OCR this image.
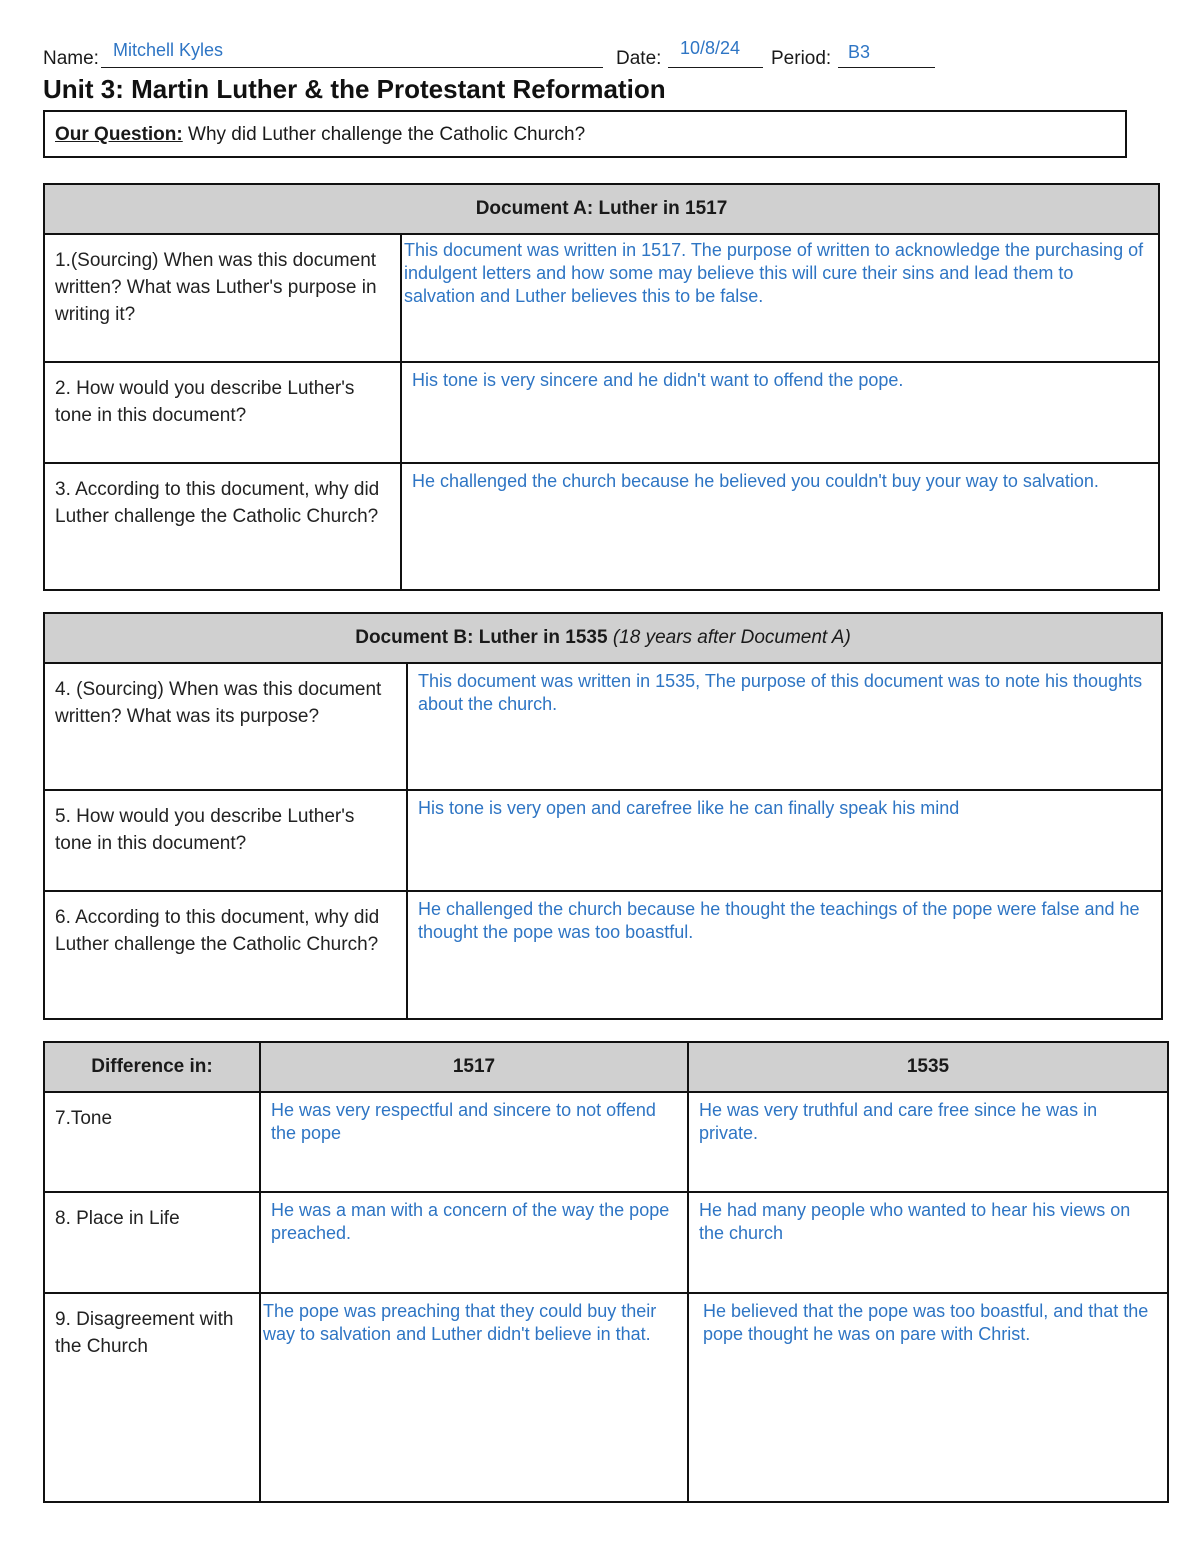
Name: Mitchell Kyles	Date: 10/8/24 Period: B3
Unit 3: Martin Luther & the Protestant Reformation
Our Question: Why did Luther challenge the Catholic Church?
Document A: Luther in 1517	
1.(Sourcing) When was this document written? What was Luther's purpose in writing it?	This document was written in 1517. The purpose of written to acknowledge the purchasing of indulgent letters and how some may believe this will cure their sins and lead them to salvation and Luther believes this to be false.
2. How would you describe Luther's tone in this document?	His tone is very sincere and he didn't want to offend the pope.
3. According to this document, why did Luther challenge the Catholic Church?	He challenged the church because he believed you couldn't buy your way to salvation.
Document B: Luther in 1535 (18 years after Document A)	
4. (Sourcing) When was this document written? What was its purpose?	This document was written in 1535, The purpose of this document was to note his thoughts about the church.
5. How would you describe Luther's tone in this document?	His tone is very open and carefree like he can finally speak his mind
6. According to this document, why did Luther challenge the Catholic Church?	He challenged the church because he thought the teachings of the pope were false and he thought the pope was too boastful.
Difference in:	1517	1535
7.Tone	He was very respectful and sincere to not offend the pope	He was very truthful and care free since he was in private.
8. Place in Life	He was a man with a concern of the way the pope preached.	He had many people who wanted to hear his views on the church
9. Disagreement with the Church	The pope was preaching that they could buy their way to salvation and Luther didn't believe in that.	He believed that the pope was too boastful, and that the pope thought he was on pare with Christ.
